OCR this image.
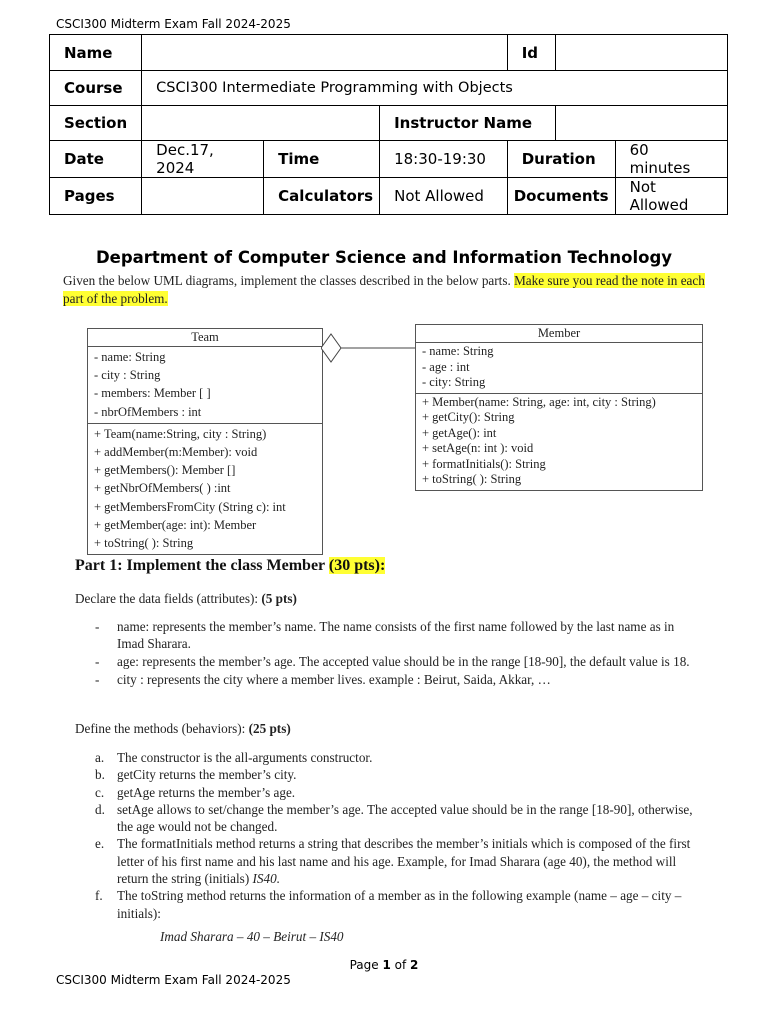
CSCI300 Midterm Exam Fall 2024-2025
Name				Id		
Course	CSCI300 Intermediate Programming with Objects					
Section			Instructor Name			
Date	Dec.17, 2024	Time	18:30-19:30	Duration		60 minutes
Pages		Calculators	Not Allowed	Documents		Not Allowed
Department of Computer Science and Information Technology
Given the below UML diagrams, implement the classes described in the below parts. Make sure you read the note in each part of the problem.
Team
- name: String
- city : String
- members: Member [ ]
- nbrOfMembers : int
+ Team(name:String, city : String)
+ addMember(m:Member): void
+ getMembers(): Member []
+ getNbrOfMembers( ) :int
+ getMembersFromCity (String c): int
+ getMember(age: int): Member
+ toString( ): String
Member
- name: String
- age : int
- city: String
+ Member(name: String, age: int, city : String)
+ getCity(): String
+ getAge(): int
+ setAge(n: int ): void
+ formatInitials(): String
+ toString( ): String
Part 1: Implement the class Member (30 pts):
Declare the data fields (attributes): (5 pts)
- name: represents the member’s name. The name consists of the first name followed by the last name as in Imad Sharara.
- age: represents the member’s age. The accepted value should be in the range [18-90], the default value is 18.
- city : represents the city where a member lives. example : Beirut, Saida, Akkar, …
Define the methods (behaviors): (25 pts)
a. The constructor is the all-arguments constructor.
b. getCity returns the member’s city.
c. getAge returns the member’s age.
d. setAge allows to set/change the member’s age. The accepted value should be in the range [18-90], otherwise, the age would not be changed.
e. The formatInitials method returns a string that describes the member’s initials which is composed of the first letter of his first name and his last name and his age. Example, for Imad Sharara (age 40), the method will return the string (initials) IS40.
f. The toString method returns the information of a member as in the following example (name – age – city – initials):
Imad Sharara – 40 – Beirut – IS40
Page 1 of 2
CSCI300 Midterm Exam Fall 2024-2025
